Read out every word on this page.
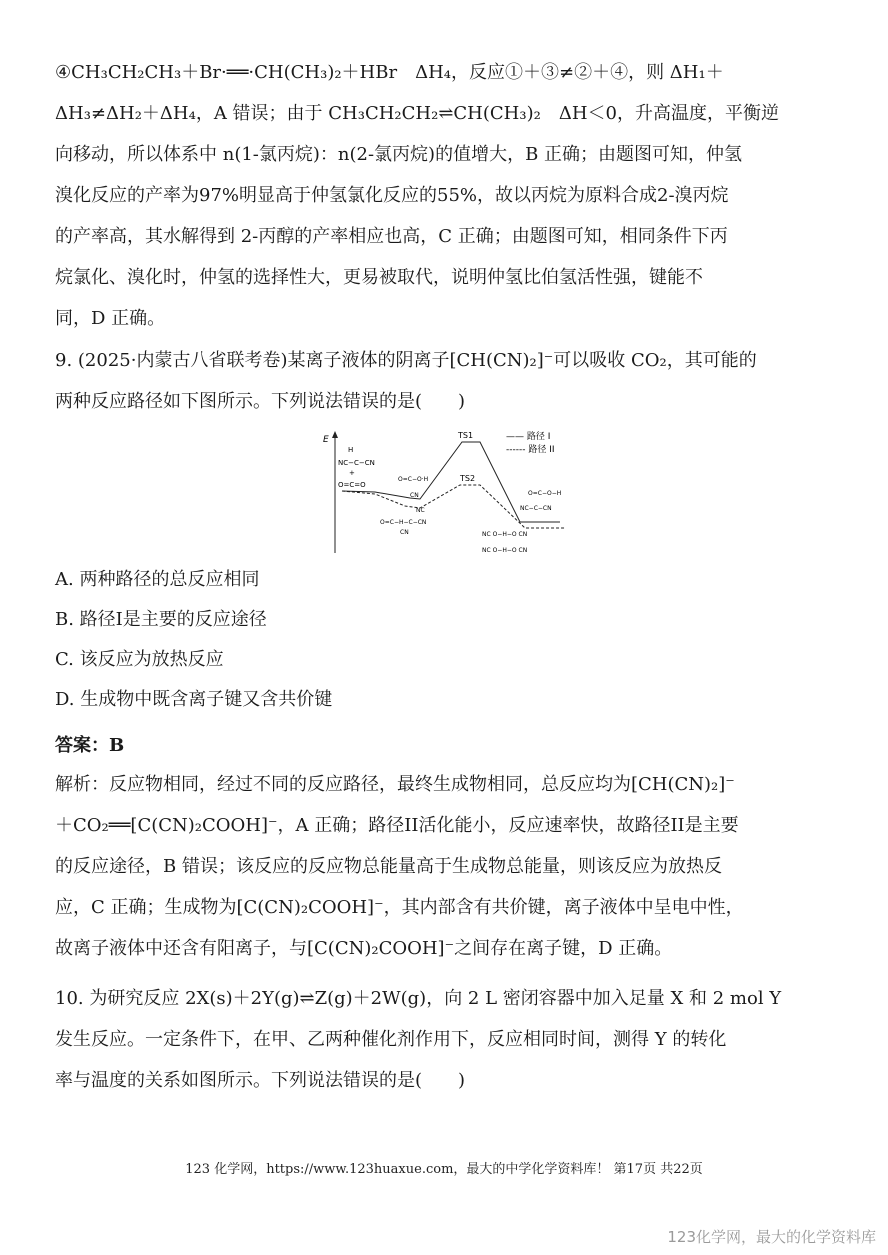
④CH₃CH₂CH₃＋Br·══·CH(CH₃)₂＋HBr　ΔH₄，反应①＋③≠②＋④，则 ΔH₁＋

ΔH₃≠ΔH₂＋ΔH₄，A 错误；由于 CH₃CH₂CH₂⇌CH(CH₃)₂　ΔH＜0，升高温度，平衡逆

向移动，所以体系中 n(1-氯丙烷)：n(2-氯丙烷)的值增大，B 正确；由题图可知，仲氢

溴化反应的产率为97%明显高于仲氢氯化反应的55%，故以丙烷为原料合成2-溴丙烷

的产率高，其水解得到 2-丙醇的产率相应也高，C 正确；由题图可知，相同条件下丙

烷氯化、溴化时，仲氢的选择性大，更易被取代，说明仲氢比伯氢活性强，键能不

同，D 正确。

9. (2025·内蒙古八省联考卷)某离子液体的阴离子[CH(CN)₂]⁻可以吸收 CO₂，其可能的

两种反应路径如下图所示。下列说法错误的是(　　)

E	—— 路径 I
------ 路径 II
TS1
TS2
H
NC−C−CN
+
O=C=O
O=C−O·H
CN
NC
O=C−H−C−CN
CN
O=C−O−H
NC−C−CN
NC O−H−O CN
NC O−H−O CN
A. 两种路径的总反应相同
B. 路径I是主要的反应途径
C. 该反应为放热反应
D. 生成物中既含离子键又含共价键
答案：B

解析：反应物相同，经过不同的反应路径，最终生成物相同，总反应均为[CH(CN)₂]⁻

＋CO₂══[C(CN)₂COOH]⁻，A 正确；路径II活化能小，反应速率快，故路径II是主要

的反应途径，B 错误；该反应的反应物总能量高于生成物总能量，则该反应为放热反

应，C 正确；生成物为[C(CN)₂COOH]⁻，其内部含有共价键，离子液体中呈电中性，

故离子液体中还含有阳离子，与[C(CN)₂COOH]⁻之间存在离子键，D 正确。

10. 为研究反应 2X(s)＋2Y(g)⇌Z(g)＋2W(g)，向 2 L 密闭容器中加入足量 X 和 2 mol Y

发生反应。一定条件下，在甲、乙两种催化剂作用下，反应相同时间，测得 Y 的转化

率与温度的关系如图所示。下列说法错误的是(　　)

123 化学网，https://www.123huaxue.com，最大的中学化学资料库！ 第17页 共22页
123化学网，最大的化学资料库
